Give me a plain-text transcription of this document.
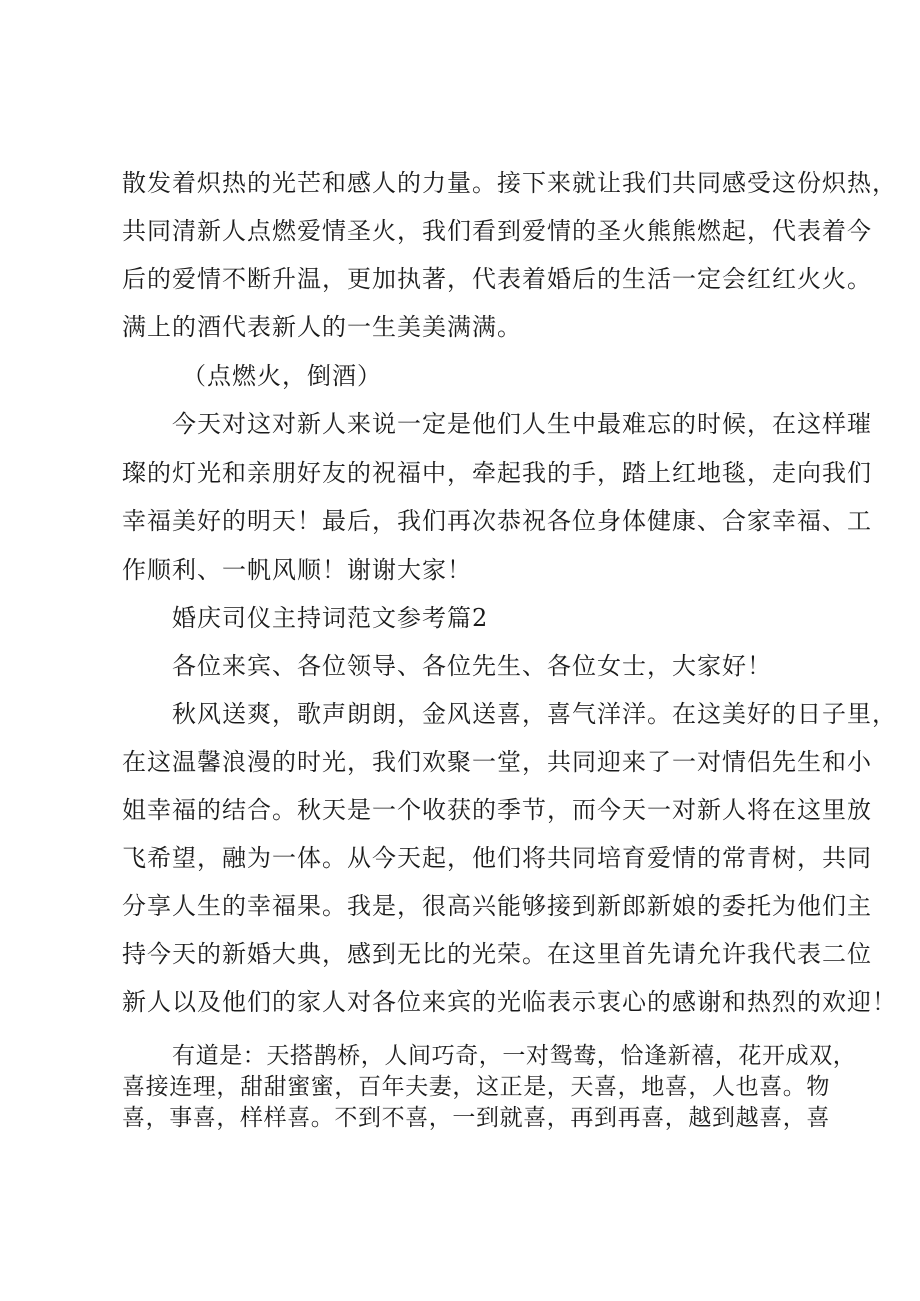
散发着炽热的光芒和感人的力量。接下来就让我们共同感受这份炽热，
共同清新人点燃爱情圣火，我们看到爱情的圣火熊熊燃起，代表着今
后的爱情不断升温，更加执著，代表着婚后的生活一定会红红火火。
满上的酒代表新人的一生美美满满。
（点燃火，倒酒）
今天对这对新人来说一定是他们人生中最难忘的时候，在这样璀
璨的灯光和亲朋好友的祝福中，牵起我的手，踏上红地毯，走向我们
幸福美好的明天！最后，我们再次恭祝各位身体健康、合家幸福、工
作顺利、一帆风顺！谢谢大家！
婚庆司仪主持词范文参考篇2
各位来宾、各位领导、各位先生、各位女士，大家好！
秋风送爽，歌声朗朗，金风送喜，喜气洋洋。在这美好的日子里，
在这温馨浪漫的时光，我们欢聚一堂，共同迎来了一对情侣先生和小
姐幸福的结合。秋天是一个收获的季节，而今天一对新人将在这里放
飞希望，融为一体。从今天起，他们将共同培育爱情的常青树，共同
分享人生的幸福果。我是，很高兴能够接到新郎新娘的委托为他们主
持今天的新婚大典，感到无比的光荣。在这里首先请允许我代表二位
新人以及他们的家人对各位来宾的光临表示衷心的感谢和热烈的欢迎！
有道是：天搭鹊桥，人间巧奇，一对鸳鸯，恰逢新禧，花开成双，
喜接连理，甜甜蜜蜜，百年夫妻，这正是，天喜，地喜，人也喜。物
喜，事喜，样样喜。不到不喜，一到就喜，再到再喜，越到越喜，喜
